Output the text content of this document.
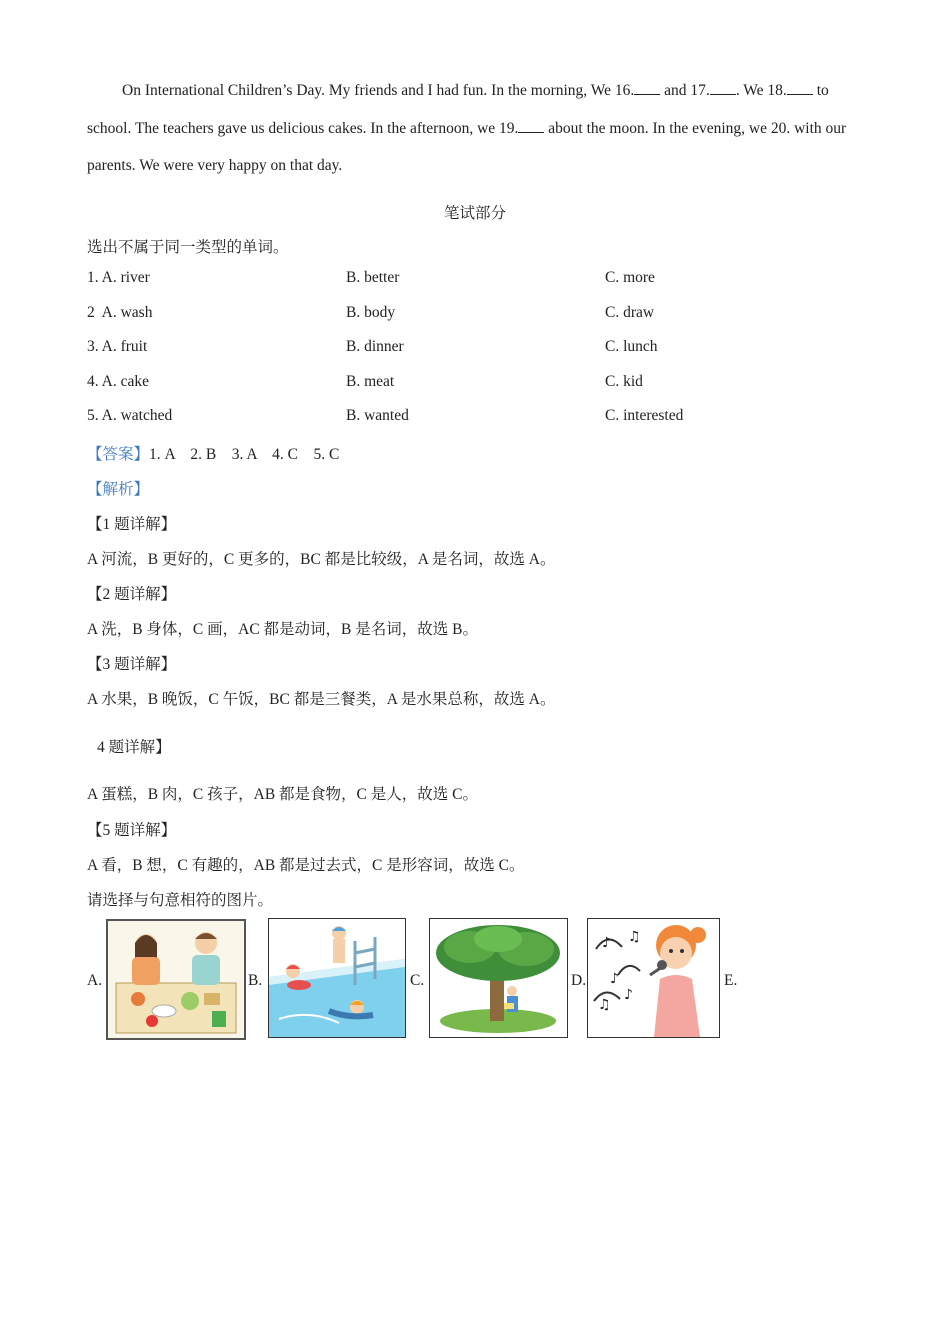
On International Children’s Day. My friends and I had fun. In the morning, We 16. and 17. . We 18. to school. The teachers gave us delicious cakes. In the afternoon, we 19. about the moon. In the evening, we 20. with our parents. We were very happy on that day.

笔试部分
选出不属于同一类型的单词。
1. A. river	B. better	C. more
2  A. wash	B. body	C. draw
3. A. fruit	B. dinner	C. lunch
4. A. cake	B. meat	C. kid
5. A. watched	B. wanted	C. interested
【答案】1. A    2. B    3. A    4. C    5. C
【解析】
【1 题详解】
A 河流，B 更好的，C 更多的，BC 都是比较级，A 是名词，故选 A。
【2 题详解】
A 洗，B 身体，C 画，AC 都是动词，B 是名词，故选 B。
【3 题详解】
A 水果，B 晚饭，C 午饭，BC 都是三餐类，A 是水果总称，故选 A。
4 题详解】
A 蛋糕，B 肉，C 孩子，AB 都是食物，C 是人，故选 C。
【5 题详解】
A 看，B 想，C 有趣的，AB 都是过去式，C 是形容词，故选 C。
请选择与句意相符的图片。
A.	B.	C.	D.
♪ ♫
♪
♫
♪
E.
